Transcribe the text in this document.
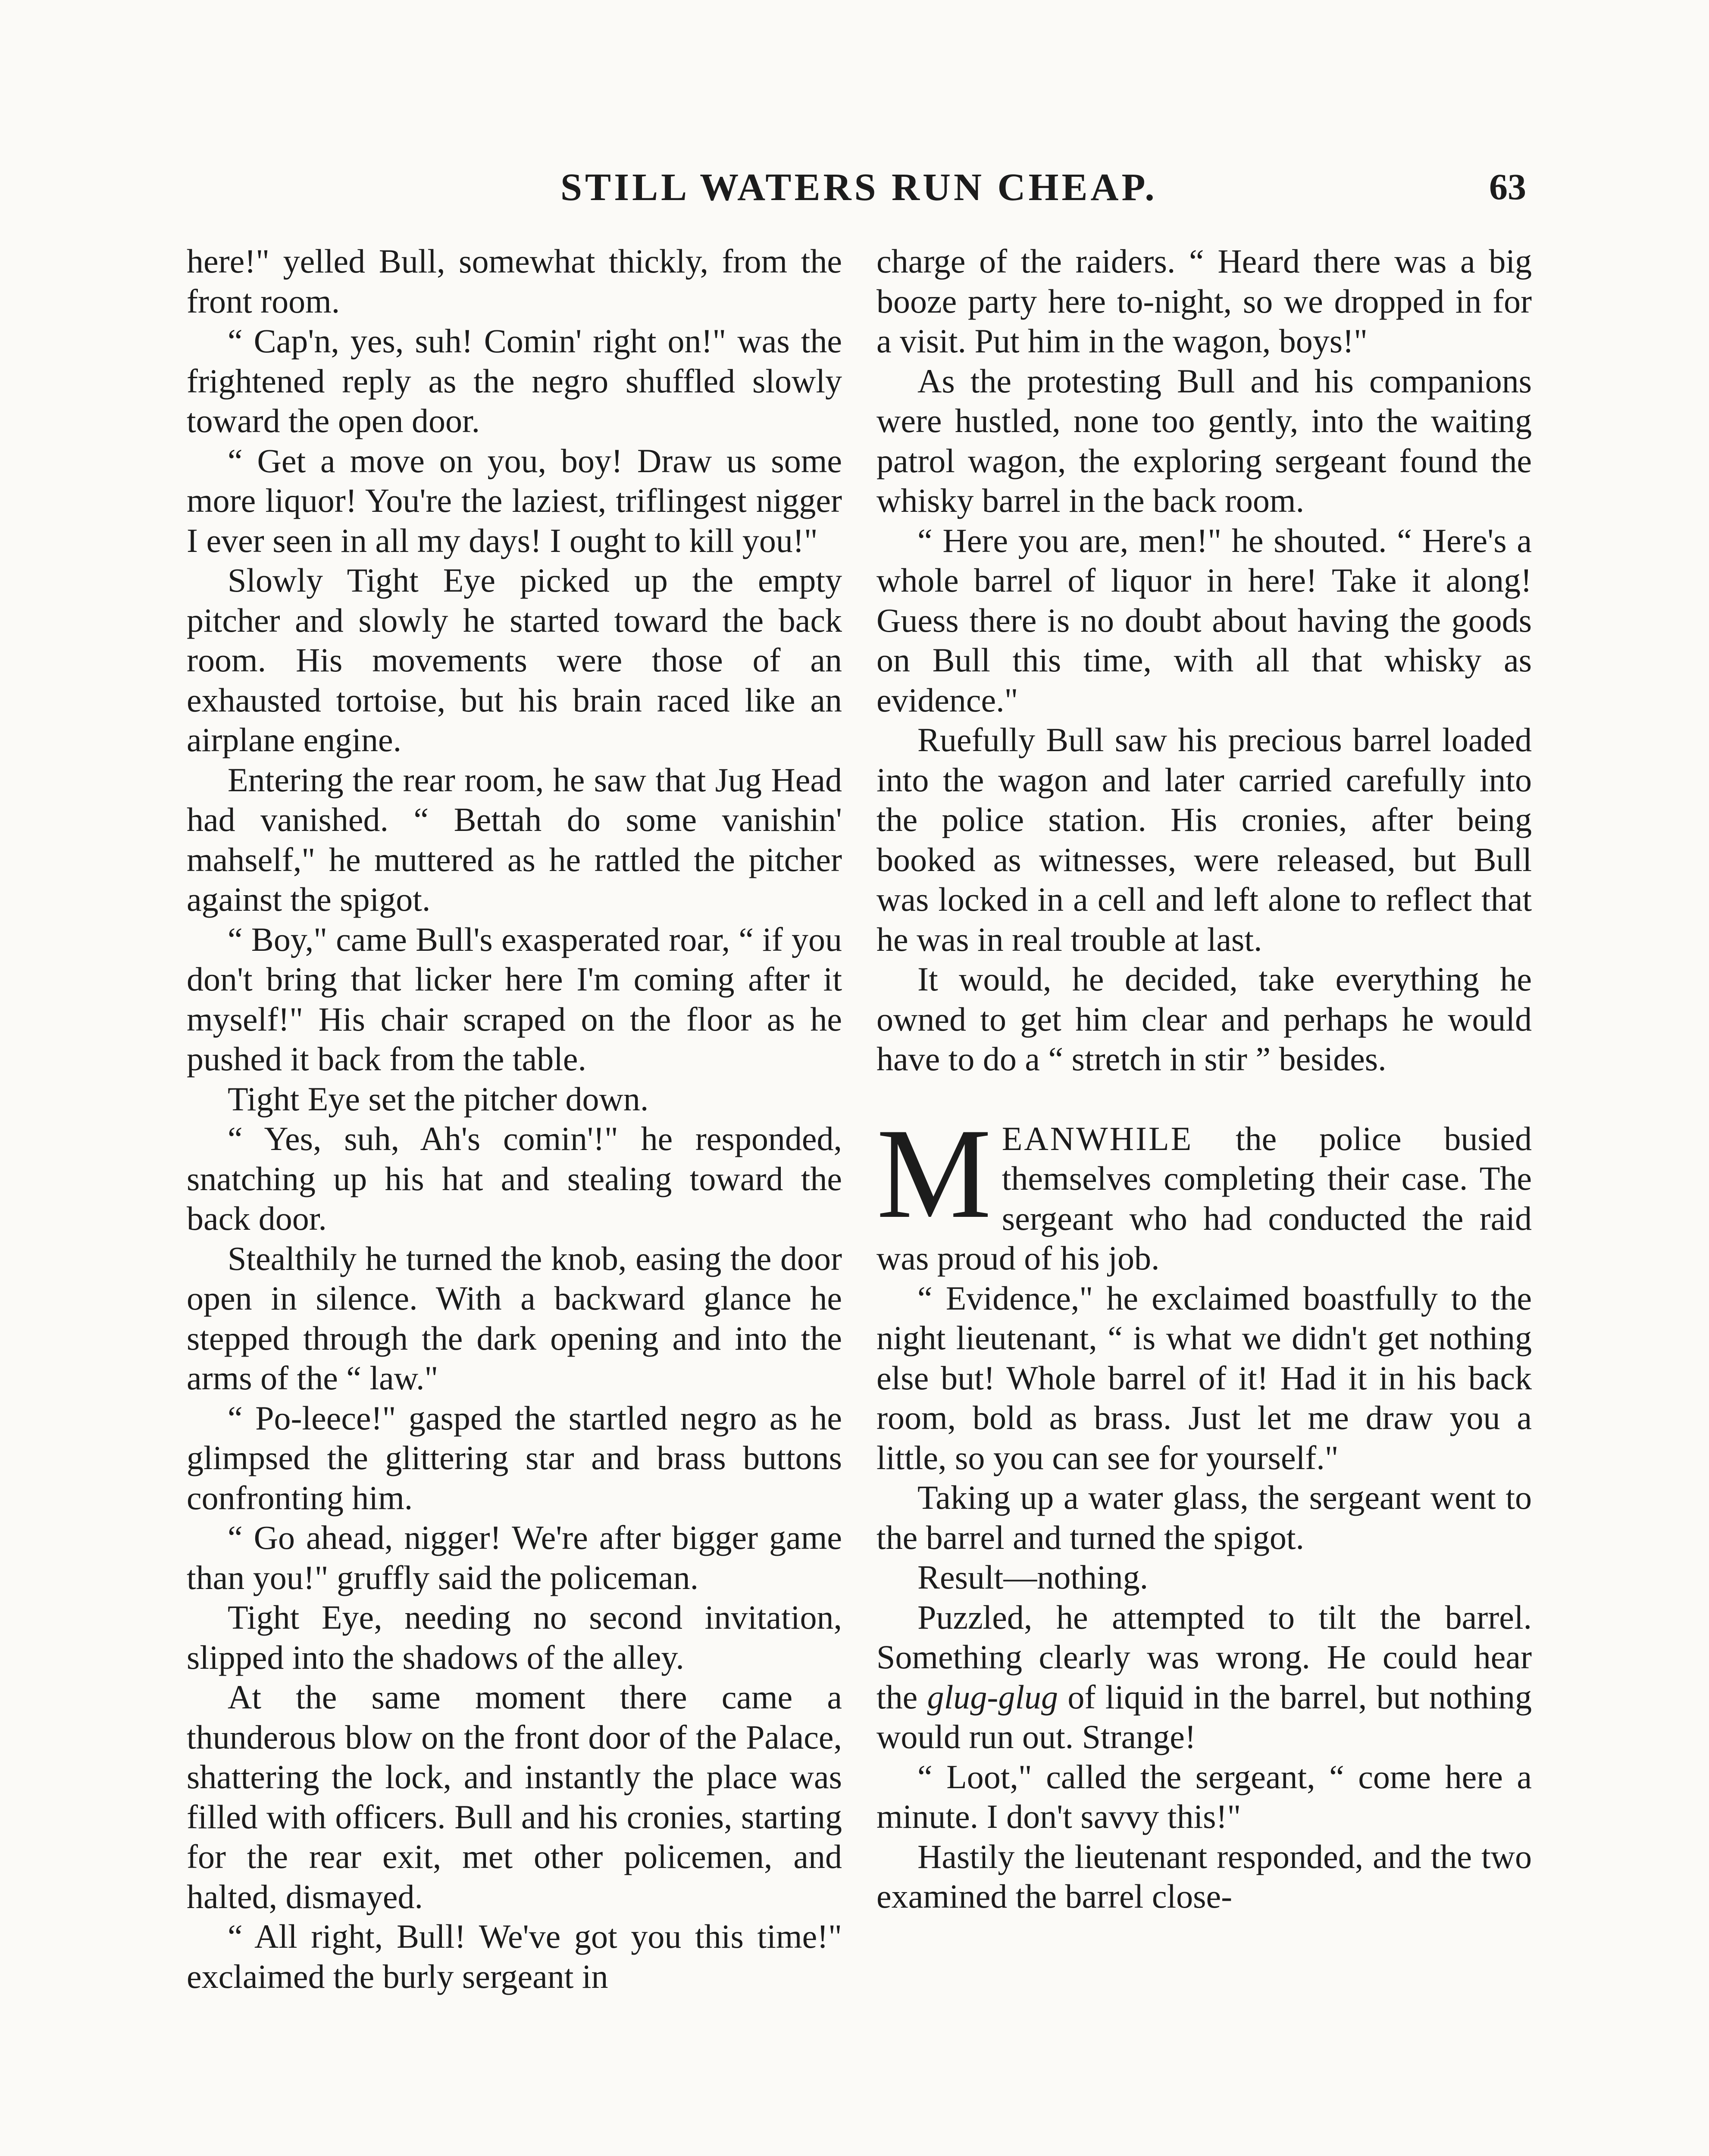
STILL WATERS RUN CHEAP.	63

here!" yelled Bull, somewhat thickly, from the front room.

“ Cap'n, yes, suh! Comin' right on!" was the frightened reply as the negro shuffled slowly toward the open door.

“ Get a move on you, boy! Draw us some more liquor! You're the laziest, triflingest nigger I ever seen in all my days! I ought to kill you!"

Slowly Tight Eye picked up the empty pitcher and slowly he started toward the back room. His movements were those of an exhausted tortoise, but his brain raced like an airplane engine.

Entering the rear room, he saw that Jug Head had vanished. “ Bettah do some vanishin' mahself," he muttered as he rattled the pitcher against the spigot.

“ Boy," came Bull's exasperated roar, “ if you don't bring that licker here I'm coming after it myself!" His chair scraped on the floor as he pushed it back from the table.

Tight Eye set the pitcher down.

“ Yes, suh, Ah's comin'!" he responded, snatching up his hat and stealing toward the back door.

Stealthily he turned the knob, easing the door open in silence. With a backward glance he stepped through the dark opening and into the arms of the “ law."

“ Po-leece!" gasped the startled negro as he glimpsed the glittering star and brass buttons confronting him.

“ Go ahead, nigger! We're after bigger game than you!" gruffly said the policeman.

Tight Eye, needing no second invitation, slipped into the shadows of the alley.

At the same moment there came a thunderous blow on the front door of the Palace, shattering the lock, and instantly the place was filled with officers. Bull and his cronies, starting for the rear exit, met other policemen, and halted, dismayed.

“ All right, Bull! We've got you this time!" exclaimed the burly sergeant in

charge of the raiders. “ Heard there was a big booze party here to-night, so we dropped in for a visit. Put him in the wagon, boys!"

As the protesting Bull and his companions were hustled, none too gently, into the waiting patrol wagon, the exploring sergeant found the whisky barrel in the back room.

“ Here you are, men!" he shouted. “ Here's a whole barrel of liquor in here! Take it along! Guess there is no doubt about having the goods on Bull this time, with all that whisky as evidence."

Ruefully Bull saw his precious barrel loaded into the wagon and later carried carefully into the police station. His cronies, after being booked as witnesses, were released, but Bull was locked in a cell and left alone to reflect that he was in real trouble at last.

It would, he decided, take everything he owned to get him clear and perhaps he would have to do a “ stretch in stir ” besides.

MEANWHILE the police busied themselves completing their case. The sergeant who had conducted the raid was proud of his job.

“ Evidence," he exclaimed boastfully to the night lieutenant, “ is what we didn't get nothing else but! Whole barrel of it! Had it in his back room, bold as brass. Just let me draw you a little, so you can see for yourself."

Taking up a water glass, the sergeant went to the barrel and turned the spigot.

Result—nothing.

Puzzled, he attempted to tilt the barrel. Something clearly was wrong. He could hear the glug-glug of liquid in the barrel, but nothing would run out. Strange!

“ Loot," called the sergeant, “ come here a minute. I don't savvy this!"

Hastily the lieutenant responded, and the two examined the barrel close-
